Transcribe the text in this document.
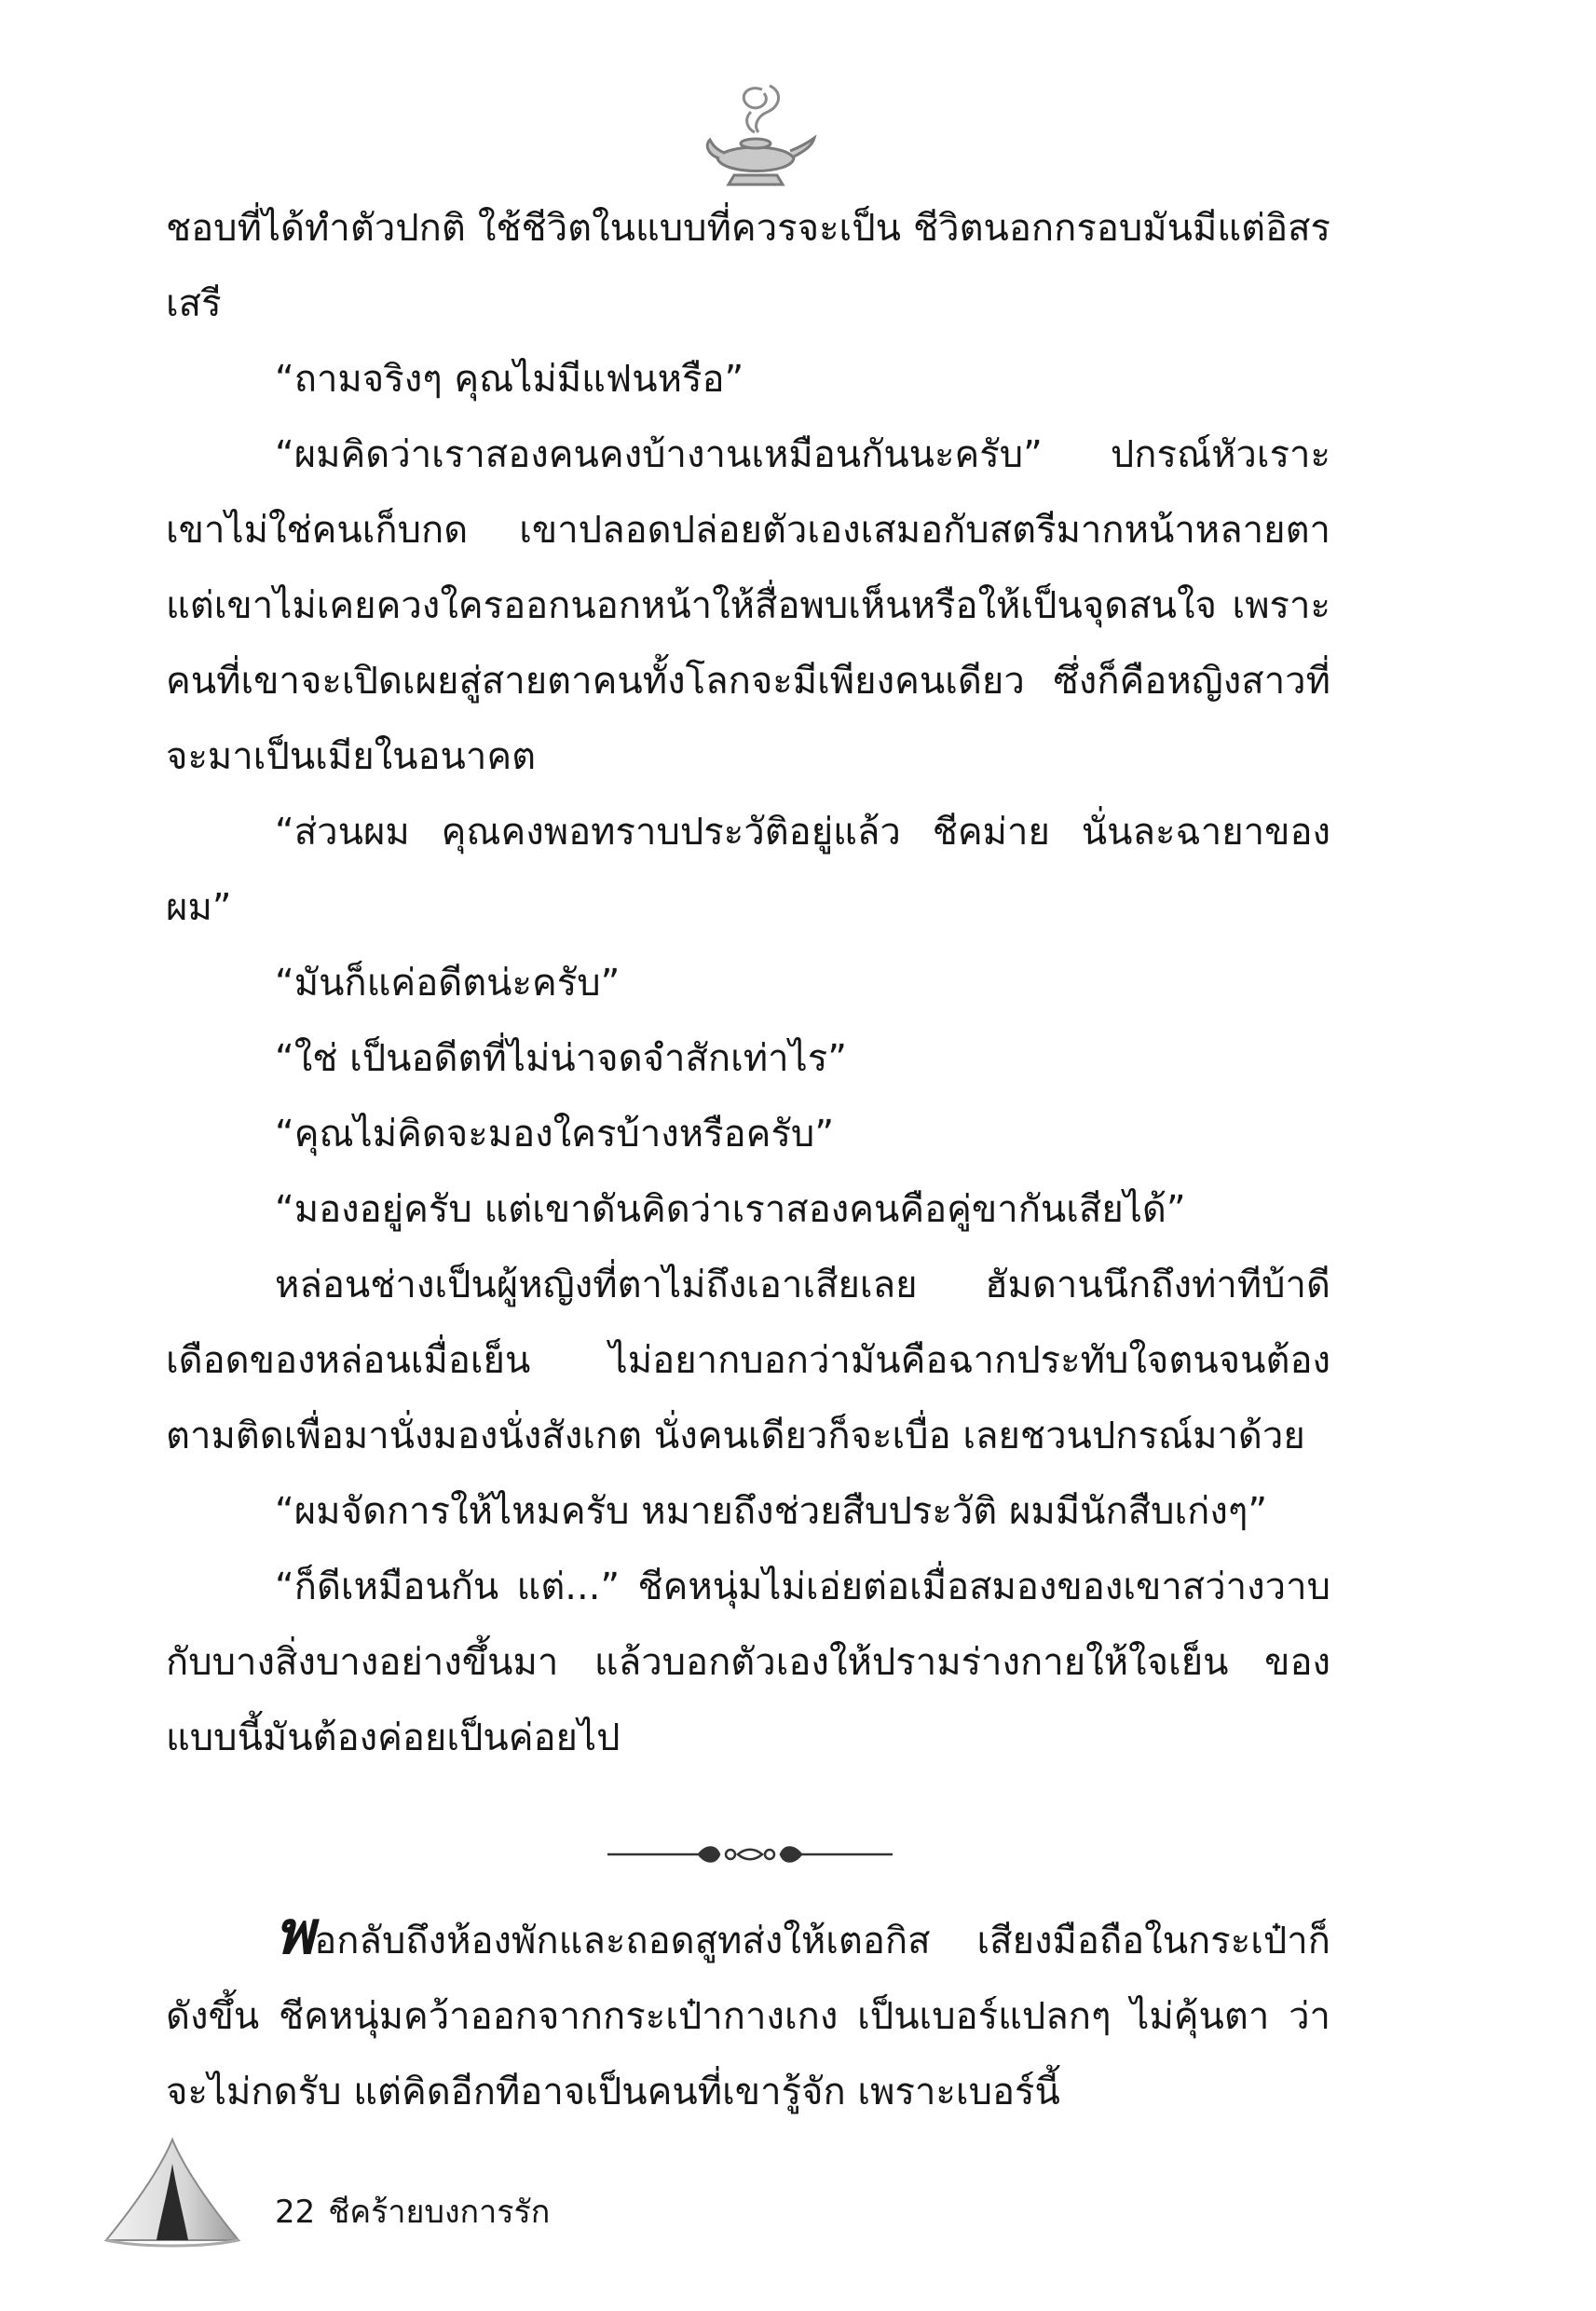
ชอบที่ได้ทำตัวปกติ ใช้ชีวิตในแบบที่ควรจะเป็น ชีวิตนอกกรอบมันมีแต่อิสรเสรี

“ถามจริงๆ คุณไม่มีแฟนหรือ”

“ผมคิดว่าเราสองคนคงบ้างานเหมือนกันนะครับ” ปกรณ์หัวเราะ เขาไม่ใช่คนเก็บกด เขาปลอดปล่อยตัวเองเสมอกับสตรีมากหน้าหลายตา แต่เขาไม่เคยควงใครออกนอกหน้าให้สื่อพบเห็นหรือให้เป็นจุดสนใจ เพราะคนที่เขาจะเปิดเผยสู่สายตาคนทั้งโลกจะมีเพียงคนเดียว ซึ่งก็คือหญิงสาวที่จะมาเป็นเมียในอนาคต

“ส่วนผม คุณคงพอทราบประวัติอยู่แล้ว ชีคม่าย นั่นละฉายาของผม”

“มันก็แค่อดีตน่ะครับ”

“ใช่ เป็นอดีตที่ไม่น่าจดจำสักเท่าไร”

“คุณไม่คิดจะมองใครบ้างหรือครับ”

“มองอยู่ครับ แต่เขาดันคิดว่าเราสองคนคือคู่ขากันเสียได้”

หล่อนช่างเป็นผู้หญิงที่ตาไม่ถึงเอาเสียเลย ฮัมดานนึกถึงท่าทีบ้าดีเดือดของหล่อนเมื่อเย็น ไม่อยากบอกว่ามันคือฉากประทับใจตนจนต้องตามติดเพื่อมานั่งมองนั่งสังเกต นั่งคนเดียวก็จะเบื่อ เลยชวนปกรณ์มาด้วย

“ผมจัดการให้ไหมครับ หมายถึงช่วยสืบประวัติ ผมมีนักสืบเก่งๆ”

“ก็ดีเหมือนกัน แต่...” ชีคหนุ่มไม่เอ่ยต่อเมื่อสมองของเขาสว่างวาบกับบางสิ่งบางอย่างขึ้นมา แล้วบอกตัวเองให้ปรามร่างกายให้ใจเย็น ของแบบนี้มันต้องค่อยเป็นค่อยไป

พอกลับถึงห้องพักและถอดสูทส่งให้เตอกิส เสียงมือถือในกระเป๋าก็ดังขึ้น ชีคหนุ่มคว้าออกจากกระเป๋ากางเกง เป็นเบอร์แปลกๆ ไม่คุ้นตา ว่าจะไม่กดรับ แต่คิดอีกทีอาจเป็นคนที่เขารู้จัก เพราะเบอร์นี้

22 ชีคร้ายบงการรัก
